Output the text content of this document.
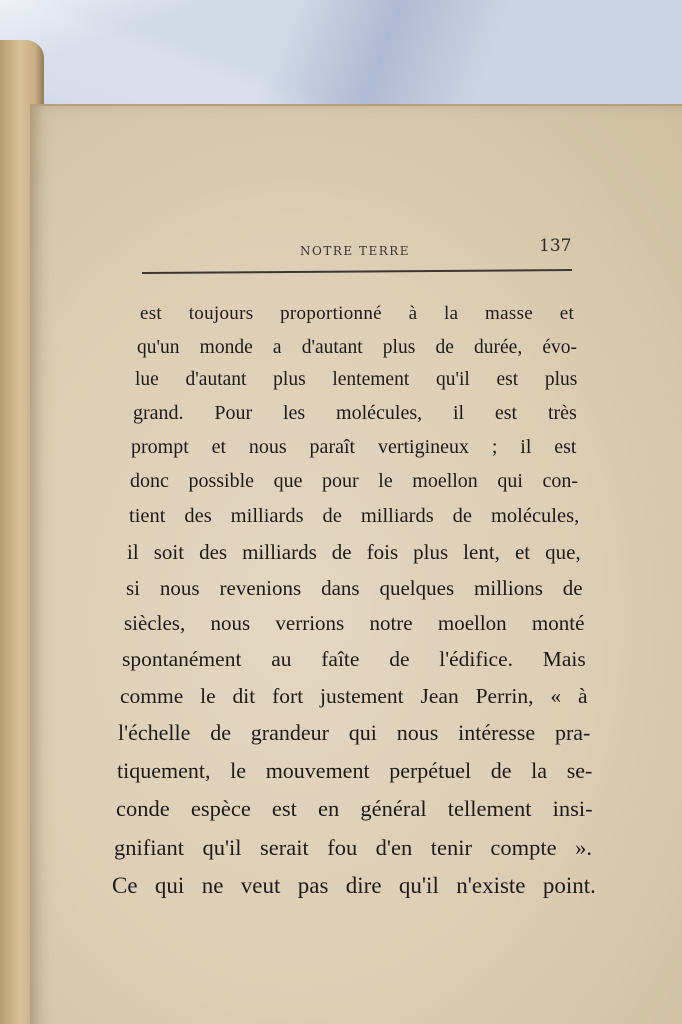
NOTRE TERRE	137
est toujours proportionné à la masse et
qu'un monde a d'autant plus de durée, évo-
lue d'autant plus lentement qu'il est plus
grand. Pour les molécules, il est très
prompt et nous paraît vertigineux ; il est
donc possible que pour le moellon qui con-
tient des milliards de milliards de molécules,
il soit des milliards de fois plus lent, et que,
si nous revenions dans quelques millions de
siècles, nous verrions notre moellon monté
spontanément au faîte de l'édifice. Mais
comme le dit fort justement Jean Perrin, « à
l'échelle de grandeur qui nous intéresse pra-
tiquement, le mouvement perpétuel de la se-
conde espèce est en général tellement insi-
gnifiant qu'il serait fou d'en tenir compte ».
Ce qui ne veut pas dire qu'il n'existe point.
